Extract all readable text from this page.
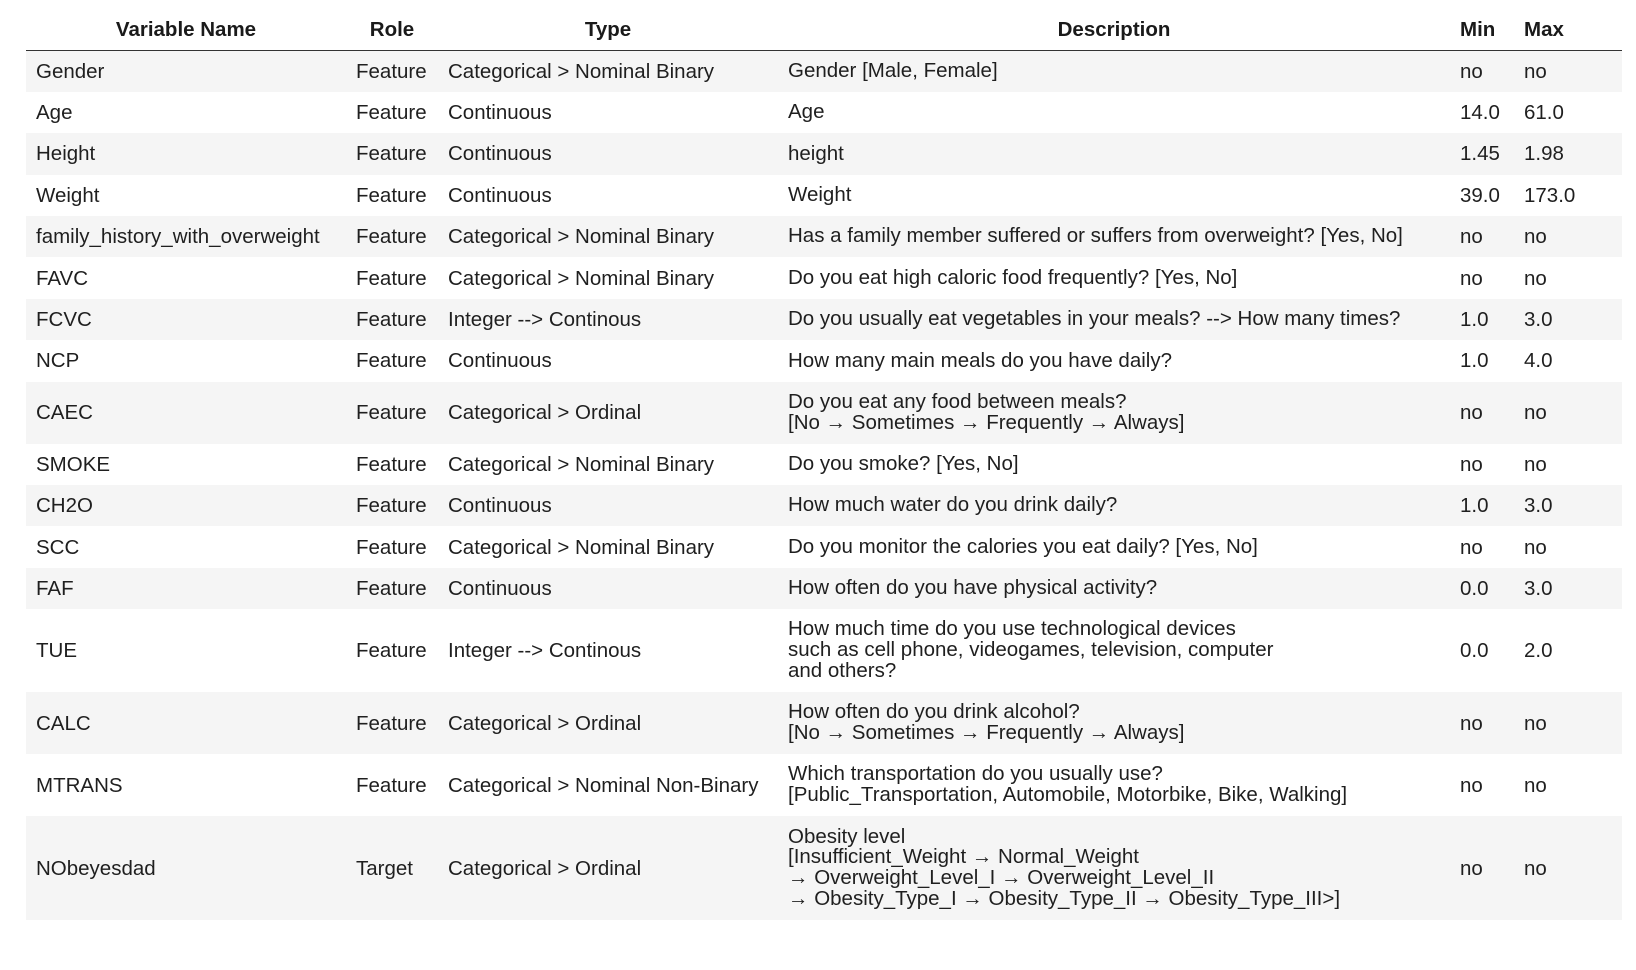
Variable Name	Role	Type	Description	Min	Max
Gender	Feature	Categorical > Nominal Binary	Gender [Male, Female]	no	no
Age	Feature	Continuous	Age	14.0	61.0
Height	Feature	Continuous	height	1.45	1.98
Weight	Feature	Continuous	Weight	39.0	173.0
family_history_with_overweight	Feature	Categorical > Nominal Binary	Has a family member suffered or suffers from overweight? [Yes, No]	no	no
FAVC	Feature	Categorical > Nominal Binary	Do you eat high caloric food frequently? [Yes, No]	no	no
FCVC	Feature	Integer --> Continous	Do you usually eat vegetables in your meals? --> How many times?	1.0	3.0
NCP	Feature	Continuous	How many main meals do you have daily?	1.0	4.0
CAEC	Feature	Categorical > Ordinal	Do you eat any food between meals?
[No → Sometimes → Frequently → Always]	no	no
SMOKE	Feature	Categorical > Nominal Binary	Do you smoke? [Yes, No]	no	no
CH2O	Feature	Continuous	How much water do you drink daily?	1.0	3.0
SCC	Feature	Categorical > Nominal Binary	Do you monitor the calories you eat daily? [Yes, No]	no	no
FAF	Feature	Continuous	How often do you have physical activity?	0.0	3.0
TUE	Feature	Integer --> Continous	How much time do you use technological devices
such as cell phone, videogames, television, computer
and others?	0.0	2.0
CALC	Feature	Categorical > Ordinal	How often do you drink alcohol?
[No → Sometimes → Frequently → Always]	no	no
MTRANS	Feature	Categorical > Nominal Non-Binary	Which transportation do you usually use?
[Public_Transportation, Automobile, Motorbike, Bike, Walking]	no	no
NObeyesdad	Target	Categorical > Ordinal	Obesity level
[Insufficient_Weight → Normal_Weight
→ Overweight_Level_I → Overweight_Level_II
→ Obesity_Type_I → Obesity_Type_II → Obesity_Type_III>]	no	no
